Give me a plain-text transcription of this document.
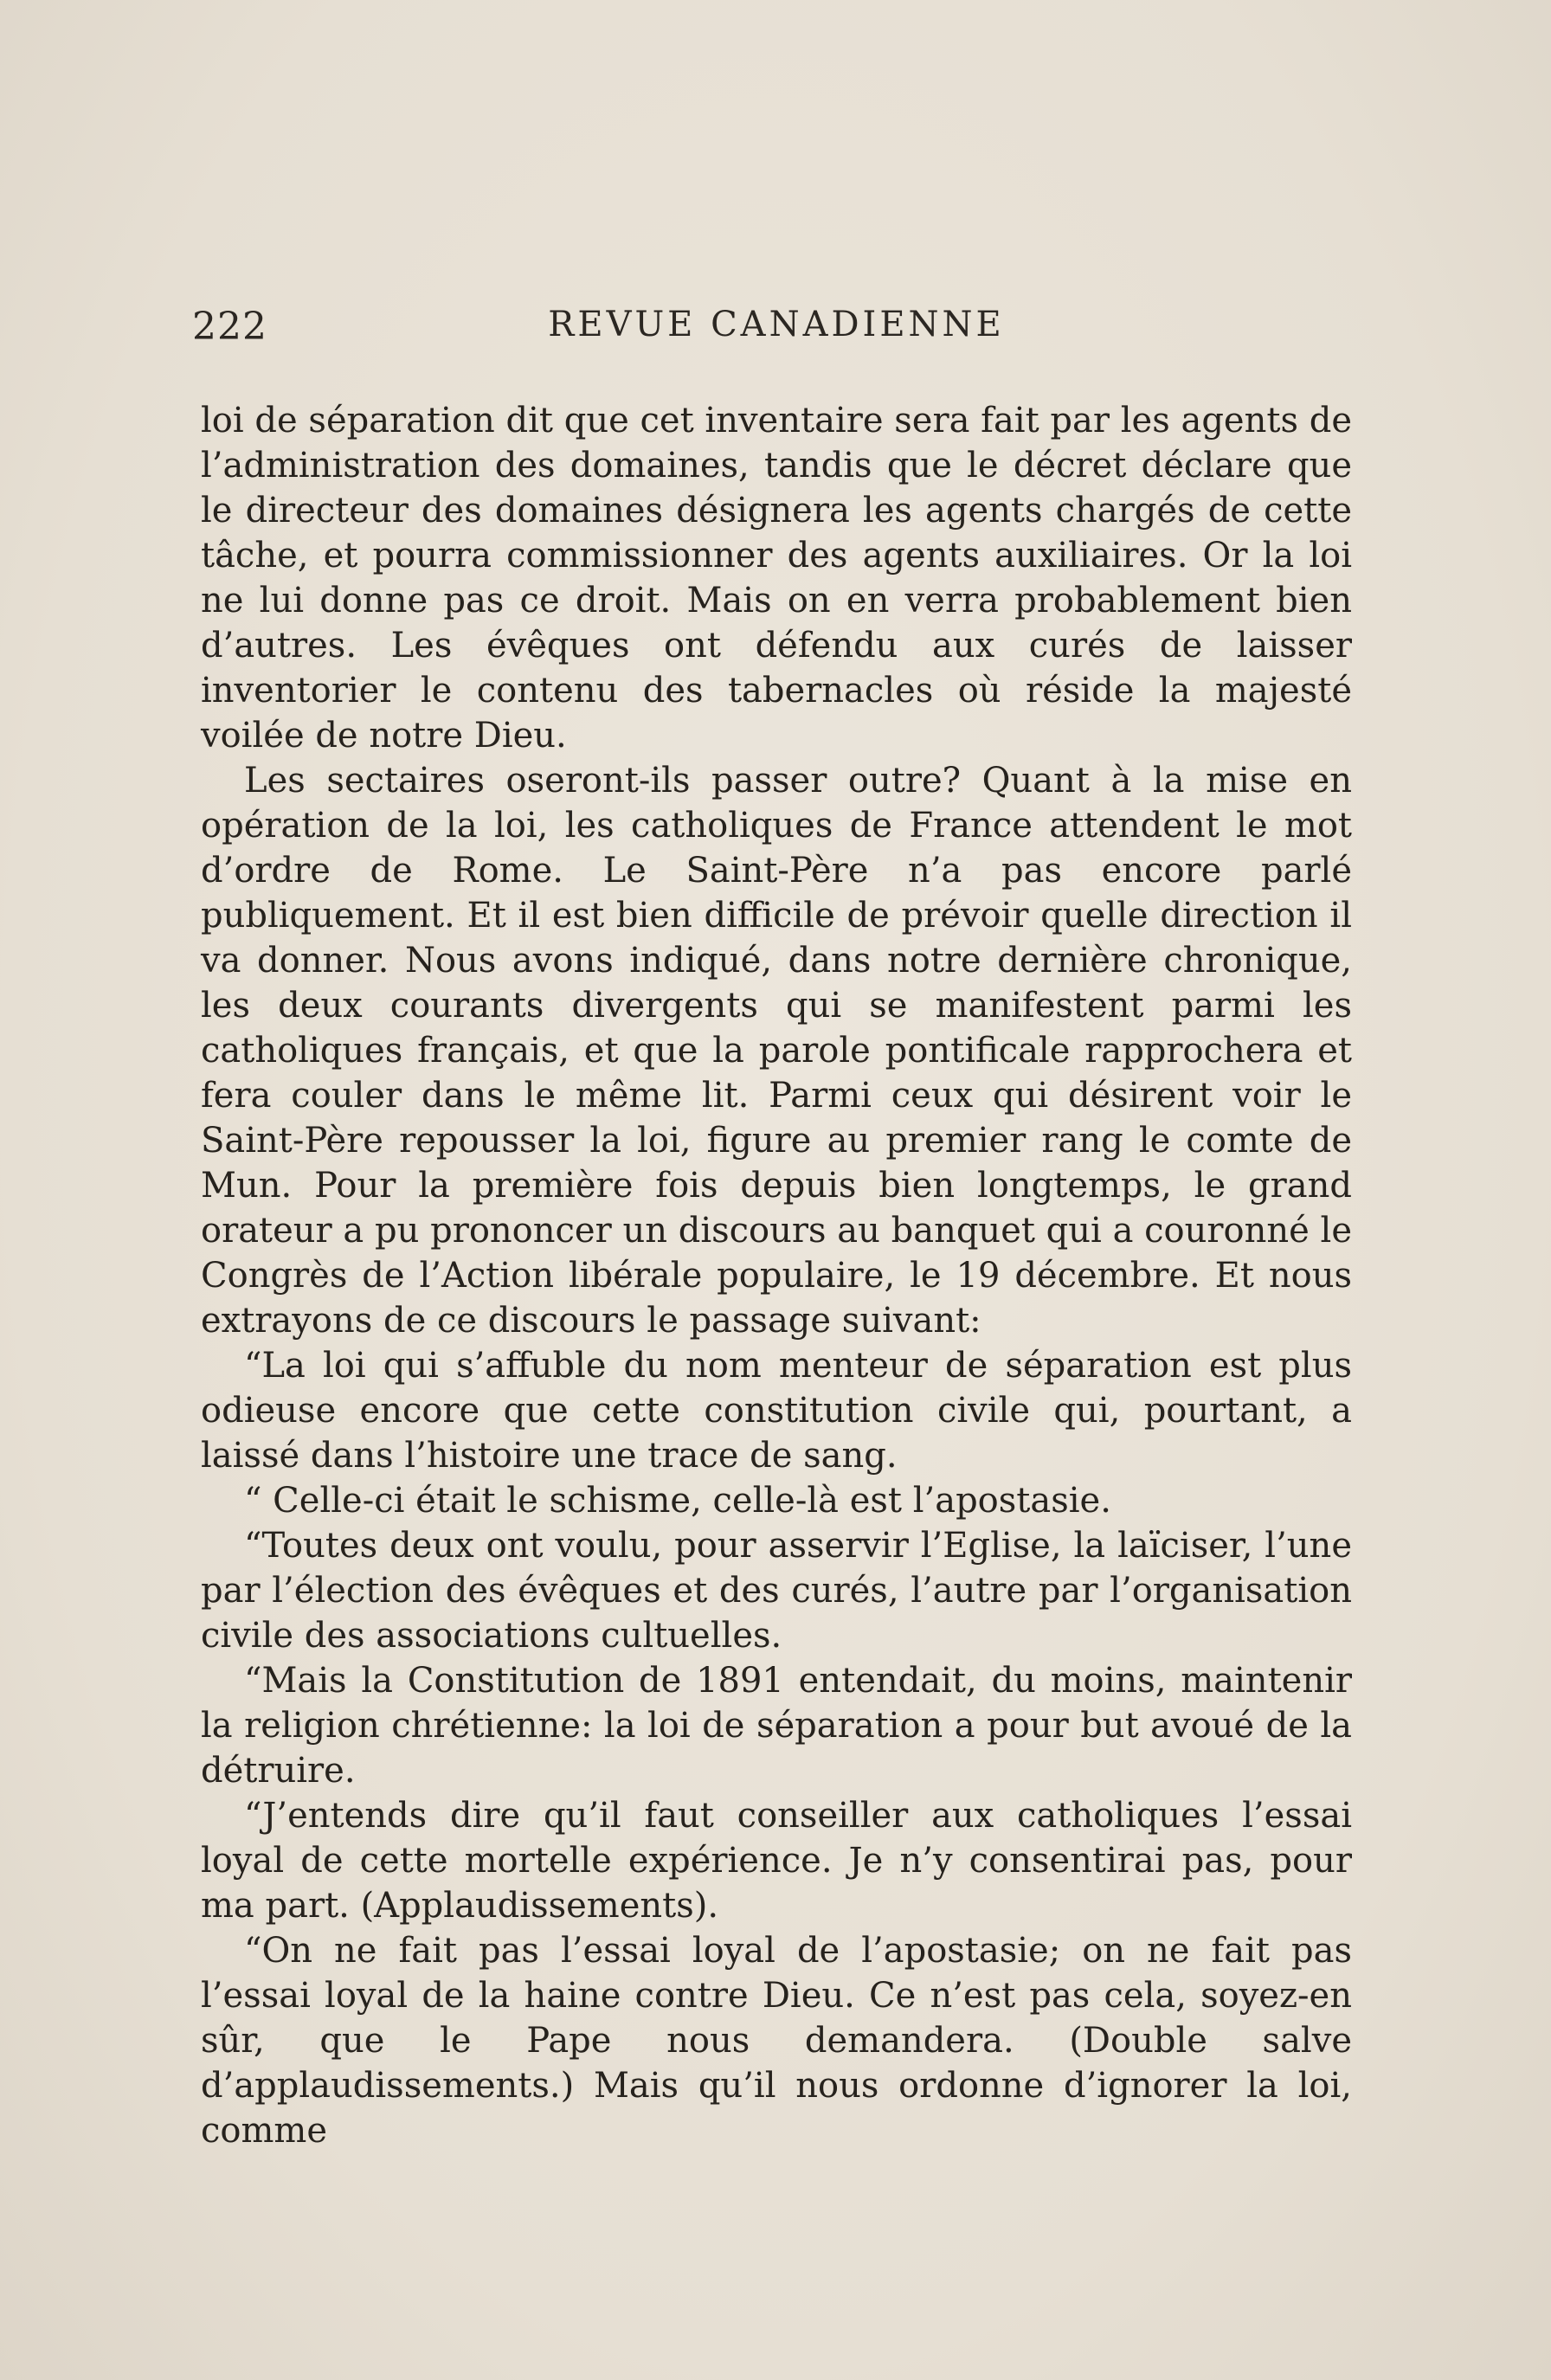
222	REVUE CANADIENNE

loi de séparation dit que cet inventaire sera fait par les agents de l’administration des domaines, tandis que le décret déclare que le directeur des domaines désignera les agents chargés de cette tâche, et pourra commissionner des agents auxiliaires. Or la loi ne lui donne pas ce droit. Mais on en verra probablement bien d’autres. Les évêques ont défendu aux curés de laisser inventorier le contenu des tabernacles où réside la majesté voilée de notre Dieu.

Les sectaires oseront-ils passer outre? Quant à la mise en opération de la loi, les catholiques de France attendent le mot d’ordre de Rome. Le Saint-Père n’a pas encore parlé publiquement. Et il est bien difficile de prévoir quelle direction il va donner. Nous avons indiqué, dans notre dernière chronique, les deux courants divergents qui se manifestent parmi les catholiques français, et que la parole pontificale rapprochera et fera couler dans le même lit. Parmi ceux qui désirent voir le Saint-Père repousser la loi, figure au premier rang le comte de Mun. Pour la première fois depuis bien longtemps, le grand orateur a pu prononcer un discours au banquet qui a couronné le Congrès de l’Action libérale populaire, le 19 décembre. Et nous extrayons de ce discours le passage suivant:

“La loi qui s’affuble du nom menteur de séparation est plus odieuse encore que cette constitution civile qui, pourtant, a laissé dans l’histoire une trace de sang.

“ Celle-ci était le schisme, celle-là est l’apostasie.

“Toutes deux ont voulu, pour asservir l’Eglise, la laïciser, l’une par l’élection des évêques et des curés, l’autre par l’organisation civile des associations cultuelles.

“Mais la Constitution de 1891 entendait, du moins, maintenir la religion chrétienne: la loi de séparation a pour but avoué de la détruire.

“J’entends dire qu’il faut conseiller aux catholiques l’essai loyal de cette mortelle expérience. Je n’y consentirai pas, pour ma part. (Applaudissements).

“On ne fait pas l’essai loyal de l’apostasie; on ne fait pas l’essai loyal de la haine contre Dieu. Ce n’est pas cela, soyez-en sûr, que le Pape nous demandera. (Double salve d’applaudissements.) Mais qu’il nous ordonne d’ignorer la loi, comme
